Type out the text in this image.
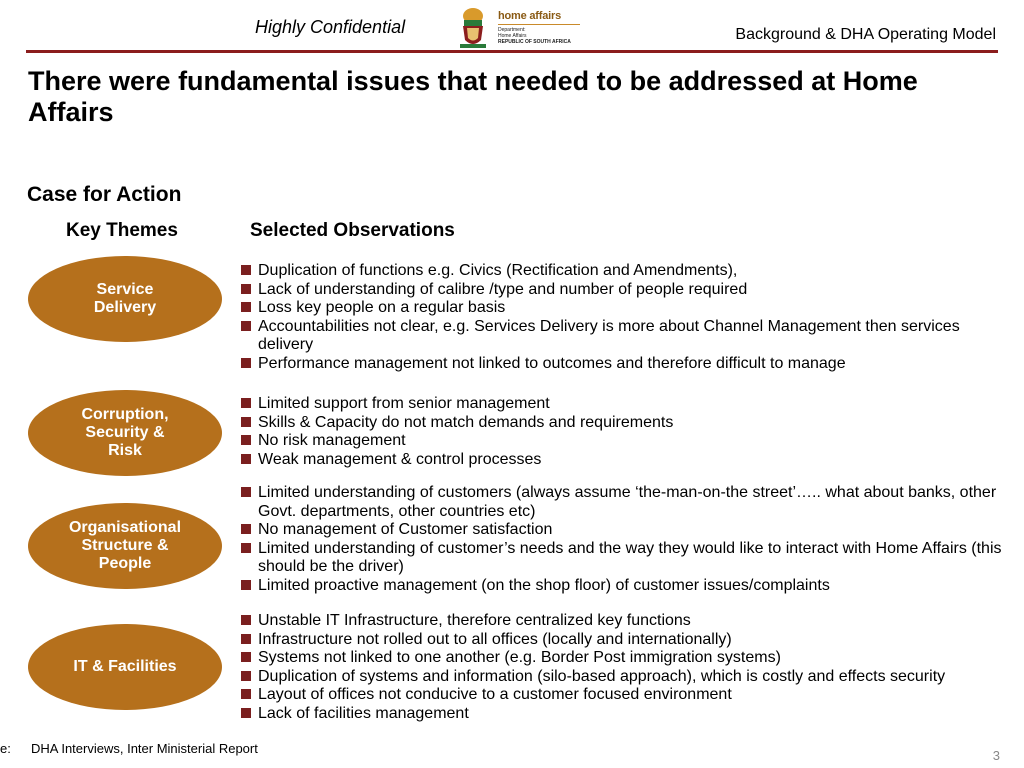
Highly Confidential
home affairs
Department:
Home Affairs
REPUBLIC OF SOUTH AFRICA	Background & DHA Operating Model
There were fundamental issues that needed to be addressed at Home Affairs
Case for Action
Key Themes	Selected Observations
Service
Delivery
Duplication of functions e.g. Civics (Rectification and Amendments),
Lack of understanding of calibre /type and number of people required
Loss key people on a regular basis
Accountabilities not clear, e.g. Services Delivery is more about Channel Management then services delivery
Performance management not linked to outcomes and therefore difficult to manage
Corruption,
Security &
Risk
Limited support from senior management
Skills & Capacity do not match demands and requirements
No risk management
Weak management & control processes
Organisational
Structure &
People
Limited understanding of customers (always assume ‘the-man-on-the street’….. what about banks, other Govt. departments, other countries etc)
No management of Customer satisfaction
Limited understanding of customer’s needs and the way they would like to interact with Home Affairs (this should be the driver)
Limited proactive management (on the shop floor) of customer issues/complaints
IT & Facilities
Unstable IT Infrastructure, therefore centralized key functions
Infrastructure not rolled out to all offices (locally and internationally)
Systems not linked to one another (e.g. Border Post immigration systems)
Duplication of systems and information (silo-based approach), which is costly and effects security
Layout of offices not conducive to a customer focused environment
Lack of facilities management
e: DHA Interviews, Inter Ministerial Report	3
